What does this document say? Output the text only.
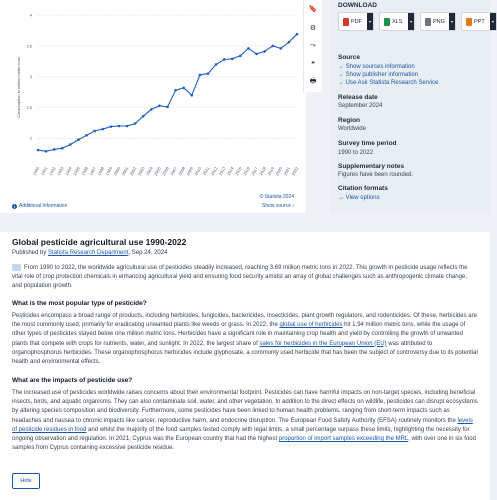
2
2.5
3
3.5
4
Consumption in million metric tons
1990 1991 1992 1993 1994 1995 1996 1997 1998 1999 2000 2001 2002 2003 2004 2005 2006 2007 2008 2009 2010 2011 2012 2013 2014 2015 2016 2017 2018 2019 2020 2021 2022
© Statista 2024
i Additional Information	Show source ›
🔖
⚙
⤳
❝
🖶
DOWNLOAD
PDF	▾	XLS	▾	PNG	▾	PPT	▾
Source
→ Show sources information
→ Show publisher information
→ Use Ask Statista Research Service
Release date
September 2024
Region
Worldwide
Survey time period
1990 to 2022
Supplementary notes
Figures have been rounded.
Citation formats
→ View options
Global pesticide agricultural use 1990-2022
Published by Statista Research Department, Sep 24, 2024

From 1990 to 2022, the worldwide agricultural use of pesticides steadily increased, reaching 3.69 million metric tons in 2022. This growth in pesticide usage reflects the vital role of crop protection chemicals in enhancing agricultural yield and ensuring food security amidst an array of global challenges such as anthropogenic climate change, and population growth.

What is the most popular type of pesticide?

Pesticides encompass a broad range of products, including herbicides, fungicides, bactericides, insecticides, plant growth regulators, and rodenticides. Of these, herbicides are the most commonly used, primarily for eradicating unwanted plants like weeds or grass. In 2022, the global use of herbicides hit 1.94 million metric tons, while the usage of other types of pesticides stayed below one million metric tons. Herbicides have a significant role in maintaining crop health and yield by controlling the growth of unwanted plants that compete with crops for nutrients, water, and sunlight. In 2022, the largest share of sales for herbicides in the European Union (EU) was attributed to organophosphorus herbicides. These organophosphorus herbicides include glyphosate, a commonly used herbicide that has been the subject of controversy due to its potential health and environmental effects.

What are the impacts of pesticide use?

The increased use of pesticides worldwide raises concerns about their environmental footprint. Pesticides can have harmful impacts on non-target species, including beneficial insects, birds, and aquatic organisms. They can also contaminate soil, water, and other vegetation. In addition to the direct effects on wildlife, pesticides can disrupt ecosystems by altering species composition and biodiversity. Furthermore, some pesticides have been linked to human health problems, ranging from short-term impacts such as headaches and nausea to chronic impacts like cancer, reproductive harm, and endocrine disruption. The European Food Safety Authority (EFSA) routinely monitors the levels of pesticide residues in food and whilst the majority of the food samples tested comply with legal limits, a small percentage surpass these limits, highlighting the necessity for ongoing observation and regulation. In 2021, Cyprus was the European country that had the highest proportion of import samples exceeding the MRL, with over one in six food samples from Cyprus containing excessive pesticide residue.

Hide
